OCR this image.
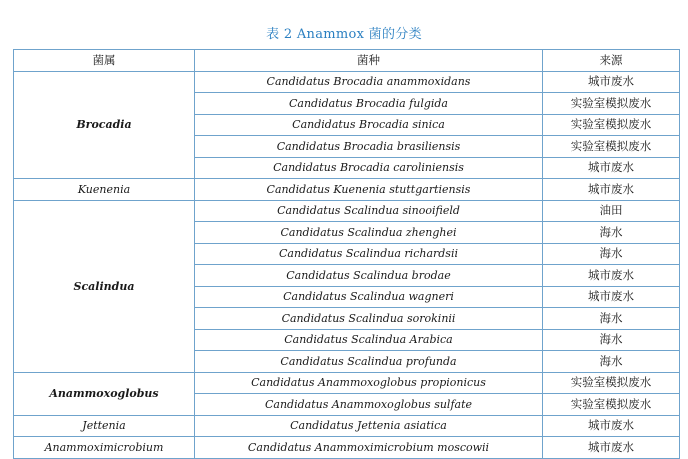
表 2 Anammox 菌的分类
菌属	菌种	来源
Brocadia	Candidatus Brocadia anammoxidans	城市废水
	Candidatus Brocadia fulgida	实验室模拟废水
	Candidatus Brocadia sinica	实验室模拟废水
	Candidatus Brocadia brasiliensis	实验室模拟废水
	Candidatus Brocadia caroliniensis	城市废水
Kuenenia	Candidatus Kuenenia stuttgartiensis	城市废水
Scalindua	Candidatus Scalindua sinooifield	油田
	Candidatus Scalindua zhenghei	海水
	Candidatus Scalindua richardsii	海水
	Candidatus Scalindua brodae	城市废水
	Candidatus Scalindua wagneri	城市废水
	Candidatus Scalindua sorokinii	海水
	Candidatus Scalindua Arabica	海水
	Candidatus Scalindua profunda	海水
Anammoxoglobus	Candidatus Anammoxoglobus propionicus	实验室模拟废水
	Candidatus Anammoxoglobus sulfate	实验室模拟废水
Jettenia	Candidatus Jettenia asiatica	城市废水
Anammoximicrobium	Candidatus Anammoximicrobium moscowii	城市废水
